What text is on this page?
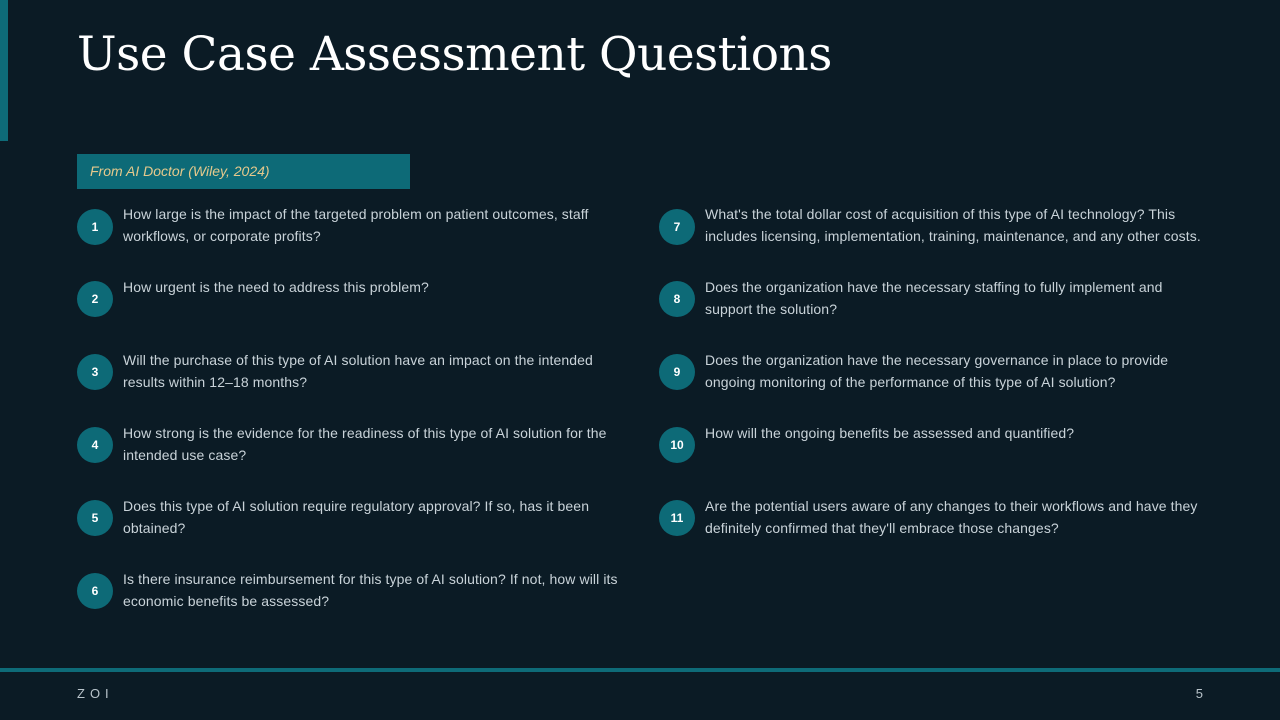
Use Case Assessment Questions
From AI Doctor (Wiley, 2024)
1
How large is the impact of the targeted problem on patient outcomes, staff workflows, or corporate profits?
2
How urgent is the need to address this problem?
3
Will the purchase of this type of AI solution have an impact on the intended results within 12–18 months?
4
How strong is the evidence for the readiness of this type of AI solution for the intended use case?
5
Does this type of AI solution require regulatory approval? If so, has it been obtained?
6
Is there insurance reimbursement for this type of AI solution? If not, how will its economic benefits be assessed?
7
What's the total dollar cost of acquisition of this type of AI technology? This includes licensing, implementation, training, maintenance, and any other costs.
8
Does the organization have the necessary staffing to fully implement and support the solution?
9
Does the organization have the necessary governance in place to provide ongoing monitoring of the performance of this type of AI solution?
10
How will the ongoing benefits be assessed and quantified?
11
Are the potential users aware of any changes to their workflows and have they definitely confirmed that they'll embrace those changes?
ZOI	5
